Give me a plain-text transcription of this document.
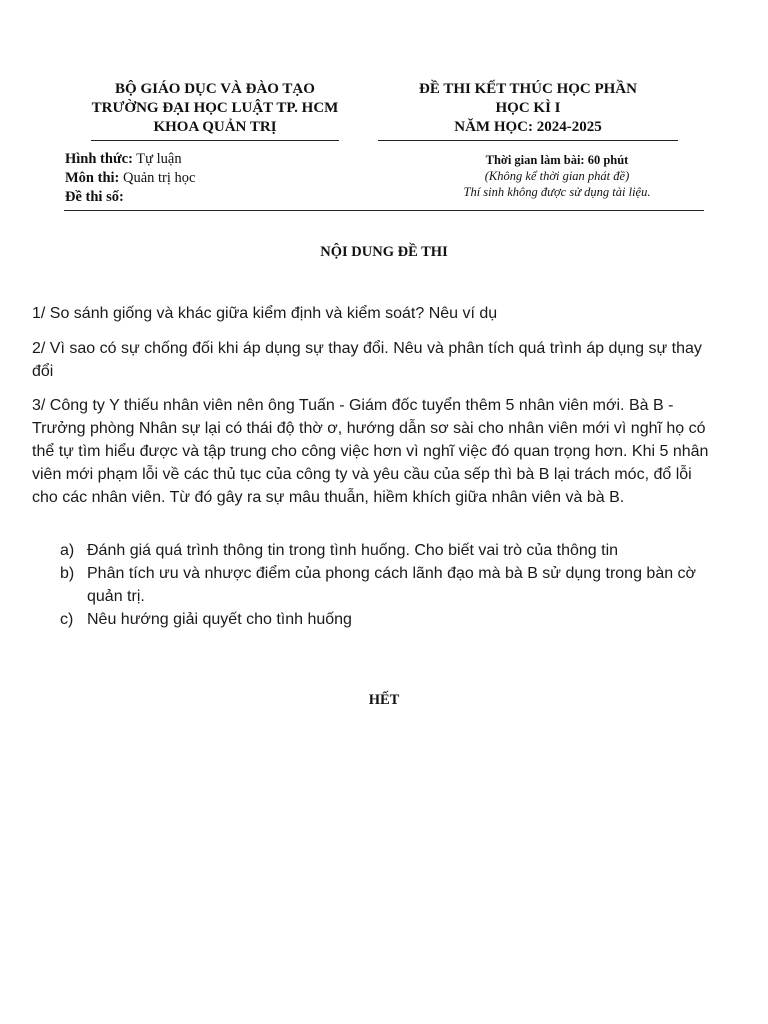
BỘ GIÁO DỤC VÀ ĐÀO TẠO
TRƯỜNG ĐẠI HỌC LUẬT TP. HCM
KHOA QUẢN TRỊ
ĐỀ THI KẾT THÚC HỌC PHẦN
HỌC KÌ I
NĂM HỌC: 2024-2025
Hình thức: Tự luận
Môn thi: Quản trị học
Đề thi số:
Thời gian làm bài: 60 phút
(Không kể thời gian phát đề)
Thí sinh không được sử dụng tài liệu.
NỘI DUNG ĐỀ THI

1/ So sánh giống và khác giữa kiểm định và kiểm soát? Nêu ví dụ

2/ Vì sao có sự chống đối khi áp dụng sự thay đổi. Nêu và phân tích quá trình áp dụng sự thay đổi

3/ Công ty Y thiếu nhân viên nên ông Tuấn - Giám đốc tuyển thêm 5 nhân viên mới. Bà B - Trưởng phòng Nhân sự lại có thái độ thờ ơ, hướng dẫn sơ sài cho nhân viên mới vì nghĩ họ có thể tự tìm hiểu được và tập trung cho công việc hơn vì nghĩ việc đó quan trọng hơn. Khi 5 nhân viên mới phạm lỗi về các thủ tục của công ty và yêu cầu của sếp thì bà B lại trách móc, đổ lỗi cho các nhân viên. Từ đó gây ra sự mâu thuẫn, hiềm khích giữa nhân viên và bà B.

a) Đánh giá quá trình thông tin trong tình huống. Cho biết vai trò của thông tin
b) Phân tích ưu và nhược điểm của phong cách lãnh đạo mà bà B sử dụng trong bàn cờ quản trị.
c) Nêu hướng giải quyết cho tình huống
HẾT
